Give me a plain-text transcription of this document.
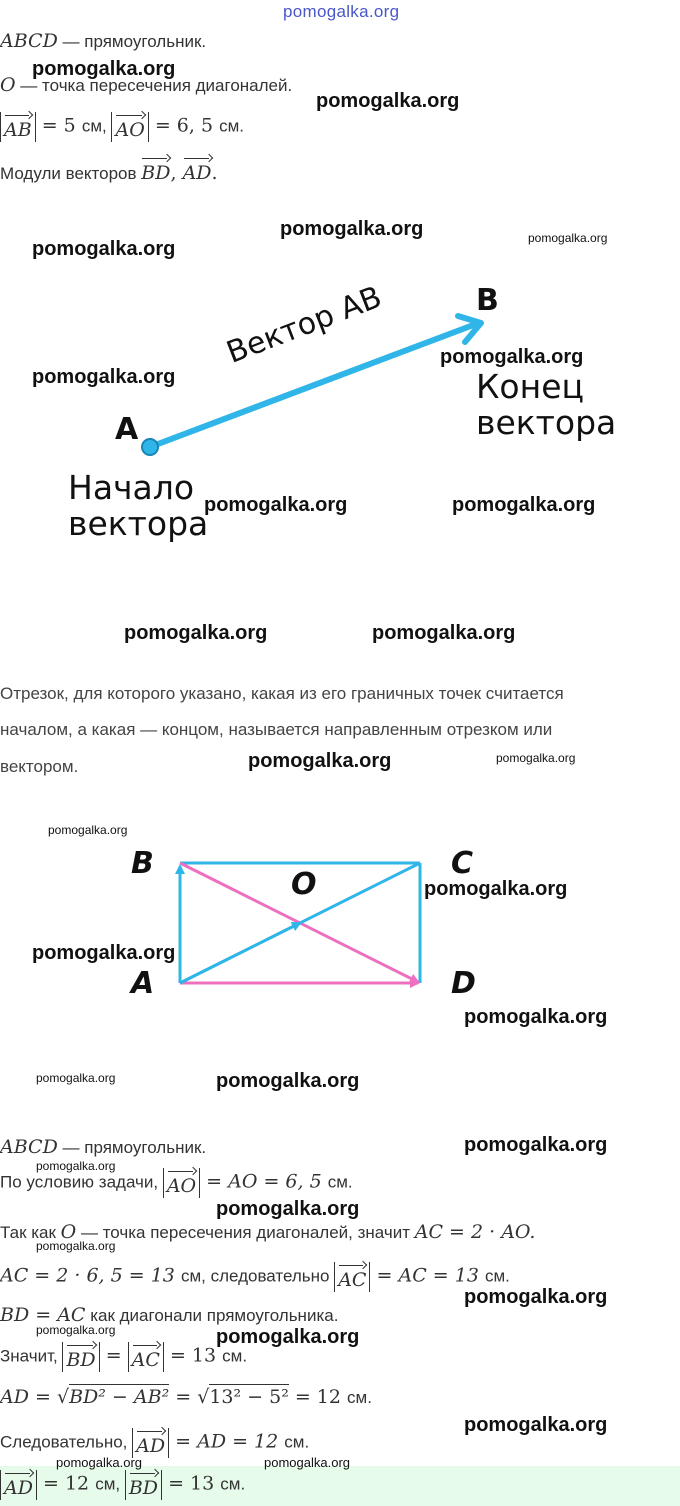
pomogalka.org
ABCD — прямоугольник.
O — точка пересечения диагоналей.
AB = 5 см, AO = 6, 5 см.
Модули векторов BD, AD.
A
B
Вектор AB
Начало
вектора
Конец
вектора
Отрезок, для которого указано, какая из его граничных точек считается
началом, а какая — концом, называется направленным отрезком или
вектором.
B	C
O
A	D
ABCD — прямоугольник.
По условию задачи, AO = AO = 6, 5 см.
Так как O — точка пересечения диагоналей, значит AC = 2 · AO.
AC = 2 · 6, 5 = 13 см, следовательно AC = AC = 13 см.
BD = AC как диагонали прямоугольника.
Значит, BD = AC = 13 см.
AD = √BD² − AB² = √13² − 5² = 12 см.
Следовательно, AD = AD = 12 см.
AD = 12 см, BD = 13 см.
pomogalka.org
pomogalka.org
pomogalka.org
pomogalka.org	pomogalka.org
pomogalka.org
pomogalka.org
pomogalka.org	pomogalka.org
pomogalka.org	pomogalka.org
pomogalka.org	pomogalka.org
pomogalka.org
pomogalka.org
pomogalka.org
pomogalka.org
pomogalka.org	pomogalka.org
pomogalka.org
pomogalka.org
pomogalka.org
pomogalka.org
pomogalka.org
pomogalka.org	pomogalka.org
pomogalka.org
pomogalka.org	pomogalka.org
